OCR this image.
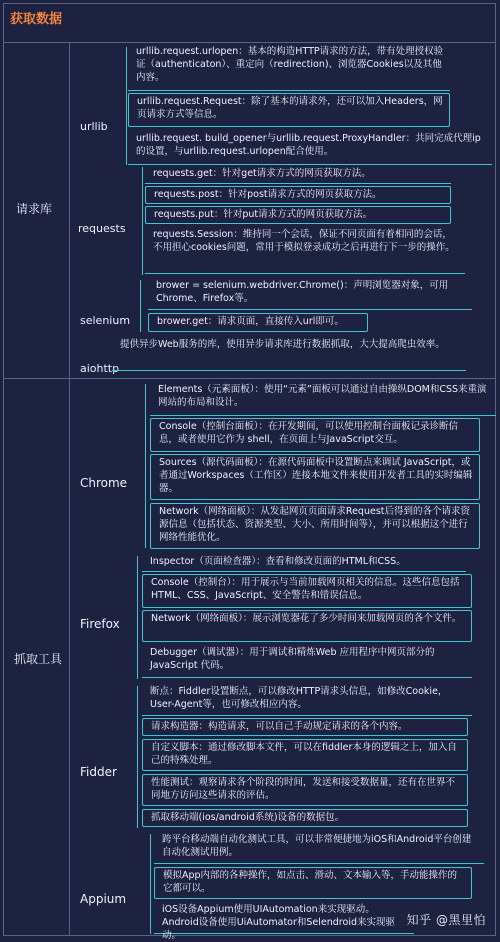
获取数据
请求库
抓取工具
urllib
urllib.request.urlopen：基本的构造HTTP请求的方法，带有处理授权验证（authenticaton）、重定向（redirection)、浏览器Cookies以及其他内容。
urllib.request.Request：除了基本的请求外，还可以加入Headers，网页请求方式等信息。
urllib.request. build_opener与urllib.request.ProxyHandler：共同完成代理ip的设置，与urllib.request.urlopen配合使用。
requests
requests.get：针对get请求方式的网页获取方法。
requests.post：针对post请求方式的网页获取方法。
requests.put：针对put请求方式的网页获取方法。
requests.Session：维持同一个会话，保证不同页面有着相同的会话，不用担心cookies问题，常用于模拟登录成功之后再进行下一步的操作。
selenium
brower = selenium.webdriver.Chrome()：声明浏览器对象，可用Chrome、Firefox等。
brower.get：请求页面，直接传入url即可。
aiohttp
提供异步Web服务的库，使用异步请求库进行数据抓取，大大提高爬虫效率。
Chrome
Elements（元素面板）：使用“元素”面板可以通过自由操纵DOM和CSS来重演网站的布局和设计。
Console（控制台面板）：在开发期间，可以使用控制台面板记录诊断信息，或者使用它作为 shell，在页面上与JavaScript交互。
Sources（源代码面板）：在源代码面板中设置断点来调试 JavaScript，或者通过Workspaces（工作区）连接本地文件来使用开发者工具的实时编辑器。
Network（网络面板）：从发起网页页面请求Request后得到的各个请求资源信息（包括状态、资源类型、大小、所用时间等），并可以根据这个进行网络性能优化。
Firefox
Inspector（页面检查器）：查看和修改页面的HTML和CSS。
Console（控制台）：用于展示与当前加载网页相关的信息。这些信息包括HTML、CSS、JavaScript、安全警告和错误信息。
Network（网络面板）：展示浏览器花了多少时间来加载网页的各个文件。
Debugger（调试器）：用于调试和精炼Web 应用程序中网页部分的JavaScript 代码。
Fidder
断点：Fiddler设置断点，可以修改HTTP请求头信息，如修改Cookie，User-Agent等，也可修改相应内容。
请求构造器：构造请求，可以自己手动规定请求的各个内容。
自定义脚本：通过修改脚本文件，可以在fiddler本身的逻辑之上，加入自己的特殊处理。
性能测试：观察请求各个阶段的时间，发送和接受数据量，还有在世界不同地方访问这些请求的评估。
抓取移动端(ios/android系统)设备的数据包。
Appium
跨平台移动端自动化测试工具，可以非常便捷地为iOS和Android平台创建自动化测试用例。
模拟App内部的各种操作，如点击、滑动、文本输入等，手动能操作的它都可以。
iOS设备Appium使用UIAutomation来实现驱动。Android设备使用UiAutomator和Selendroid来实现驱动。
知乎 @黑里怕
